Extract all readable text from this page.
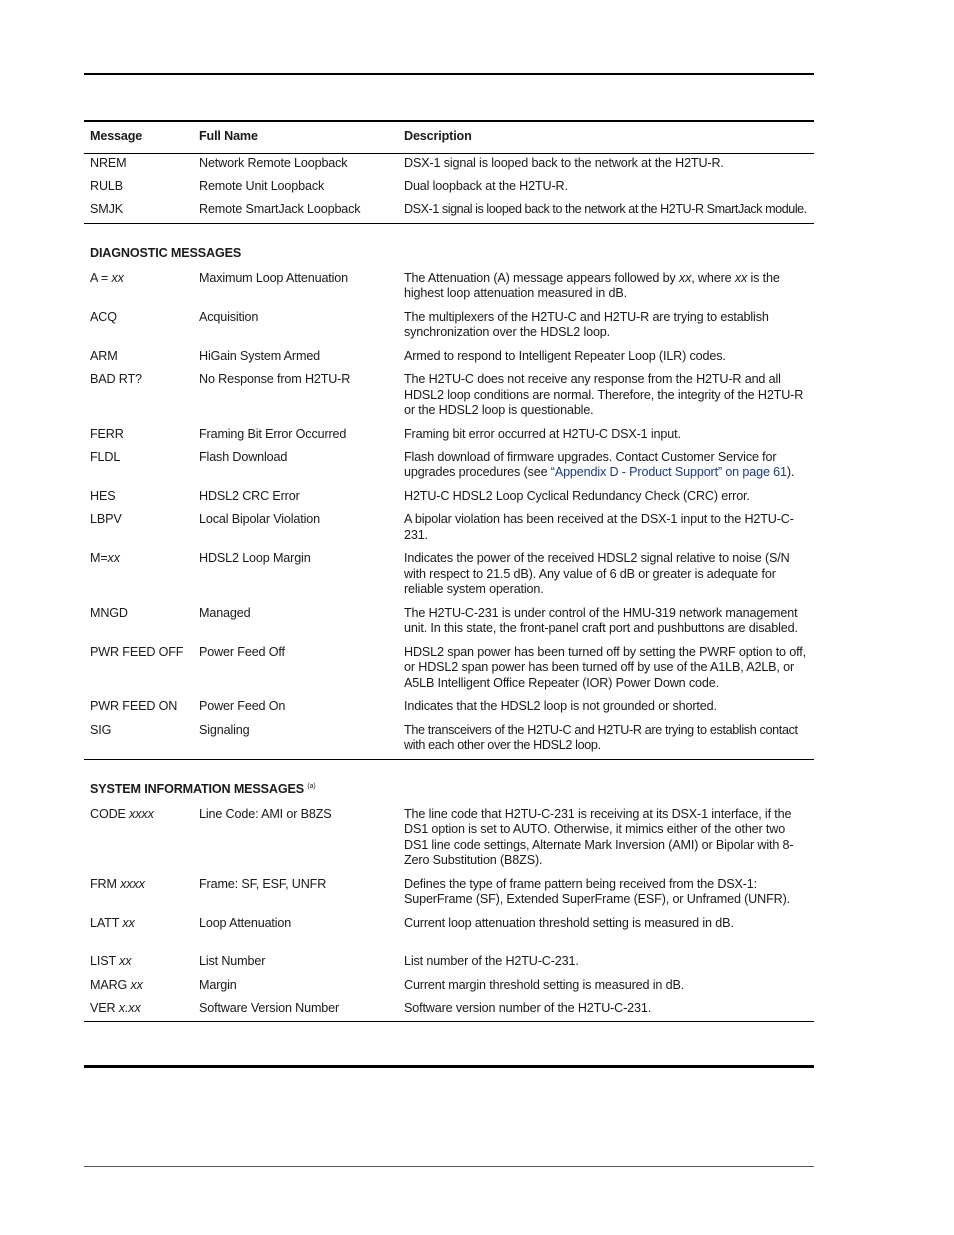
Message	Full Name	Description
NREM	Network Remote Loopback	DSX-1 signal is looped back to the network at the H2TU-R.
RULB	Remote Unit Loopback	Dual loopback at the H2TU-R.
SMJK	Remote SmartJack Loopback	DSX-1 signal is looped back to the network at the H2TU-R SmartJack module.
DIAGNOSTIC MESSAGES		
A = xx	Maximum Loop Attenuation	The Attenuation (A) message appears followed by xx, where xx is the highest loop attenuation measured in dB.
ACQ	Acquisition	The multiplexers of the H2TU-C and H2TU-R are trying to establish synchronization over the HDSL2 loop.
ARM	HiGain System Armed	Armed to respond to Intelligent Repeater Loop (ILR) codes.
BAD RT?	No Response from H2TU-R	The H2TU-C does not receive any response from the H2TU-R and all HDSL2 loop conditions are normal. Therefore, the integrity of the H2TU-R or the HDSL2 loop is questionable.
FERR	Framing Bit Error Occurred	Framing bit error occurred at H2TU-C DSX-1 input.
FLDL	Flash Download	Flash download of firmware upgrades. Contact Customer Service for upgrades procedures (see “Appendix D - Product Support” on page 61).
HES	HDSL2 CRC Error	H2TU-C HDSL2 Loop Cyclical Redundancy Check (CRC) error.
LBPV	Local Bipolar Violation	A bipolar violation has been received at the DSX-1 input to the H2TU-C-231.
M=xx	HDSL2 Loop Margin	Indicates the power of the received HDSL2 signal relative to noise (S/N with respect to 21.5 dB). Any value of 6 dB or greater is adequate for reliable system operation.
MNGD	Managed	The H2TU-C-231 is under control of the HMU-319 network management unit. In this state, the front-panel craft port and pushbuttons are disabled.
PWR FEED OFF	Power Feed Off	HDSL2 span power has been turned off by setting the PWRF option to off, or HDSL2 span power has been turned off by use of the A1LB, A2LB, or A5LB Intelligent Office Repeater (IOR) Power Down code.
PWR FEED ON	Power Feed On	Indicates that the HDSL2 loop is not grounded or shorted.
SIG	Signaling	The transceivers of the H2TU-C and H2TU-R are trying to establish contact with each other over the HDSL2 loop.
SYSTEM INFORMATION MESSAGES $^{(a)}$
CODE xxxx	Line Code: AMI or B8ZS	The line code that H2TU-C-231 is receiving at its DSX-1 interface, if the DS1 option is set to AUTO. Otherwise, it mimics either of the other two DS1 line code settings, Alternate Mark Inversion (AMI) or Bipolar with 8-Zero Substitution (B8ZS).
FRM xxxx	Frame: SF, ESF, UNFR	Defines the type of frame pattern being received from the DSX-1: SuperFrame (SF), Extended SuperFrame (ESF), or Unframed (UNFR).
LATT xx	Loop Attenuation	Current loop attenuation threshold setting is measured in dB.

LIST xx	List Number	List number of the H2TU-C-231.
MARG xx	Margin	Current margin threshold setting is measured in dB.
VER x.xx	Software Version Number	Software version number of the H2TU-C-231.
